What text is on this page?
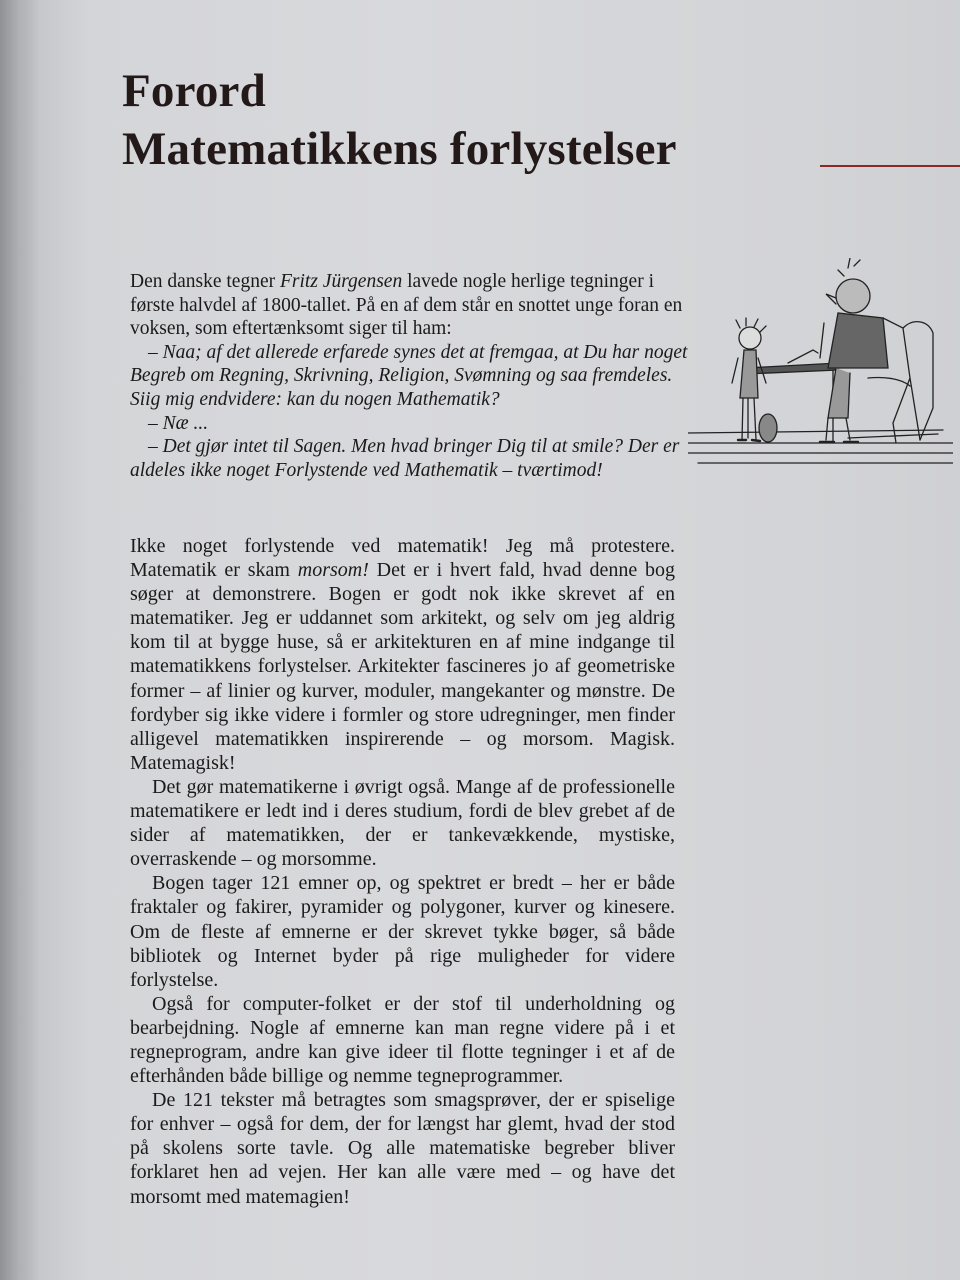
Forord
Matematikkens forlystelser

Den danske tegner Fritz Jürgensen lavede nogle herlige tegninger i første halvdel af 1800-tallet. På en af dem står en snottet unge foran en voksen, som eftertænksomt siger til ham:

– Naa; af det allerede erfarede synes det at fremgaa, at Du har noget Begreb om Regning, Skrivning, Religion, Svømning og saa fremdeles. Siig mig endvidere: kan du nogen Mathematik?

– Næ ...

– Det gjør intet til Sagen. Men hvad bringer Dig til at smile? Der er aldeles ikke noget Forlystende ved Mathematik – tværtimod!

Ikke noget forlystende ved matematik! Jeg må protestere. Matematik er skam morsom! Det er i hvert fald, hvad denne bog søger at demonstrere. Bogen er godt nok ikke skrevet af en matematiker. Jeg er uddannet som arkitekt, og selv om jeg aldrig kom til at bygge huse, så er arkitekturen en af mine indgange til matematikkens forlystelser. Arkitekter fascineres jo af geometriske former – af linier og kurver, moduler, mangekanter og mønstre. De fordyber sig ikke videre i formler og store udregninger, men finder alligevel matematikken inspirerende – og morsom. Magisk. Matemagisk!

Det gør matematikerne i øvrigt også. Mange af de professionelle matematikere er ledt ind i deres studium, fordi de blev grebet af de sider af matematikken, der er tankevækkende, mystiske, overraskende – og morsomme.

Bogen tager 121 emner op, og spektret er bredt – her er både fraktaler og fakirer, pyramider og polygoner, kurver og kinesere. Om de fleste af emnerne er der skrevet tykke bøger, så både bibliotek og Internet byder på rige muligheder for videre forlystelse.

Også for computer-folket er der stof til underholdning og bearbejdning. Nogle af emnerne kan man regne videre på i et regneprogram, andre kan give ideer til flotte tegninger i et af de efterhånden både billige og nemme tegneprogrammer.

De 121 tekster må betragtes som smagsprøver, der er spiselige for enhver – også for dem, der for længst har glemt, hvad der stod på skolens sorte tavle. Og alle matematiske begreber bliver forklaret hen ad vejen. Her kan alle være med – og have det morsomt med matemagien!
